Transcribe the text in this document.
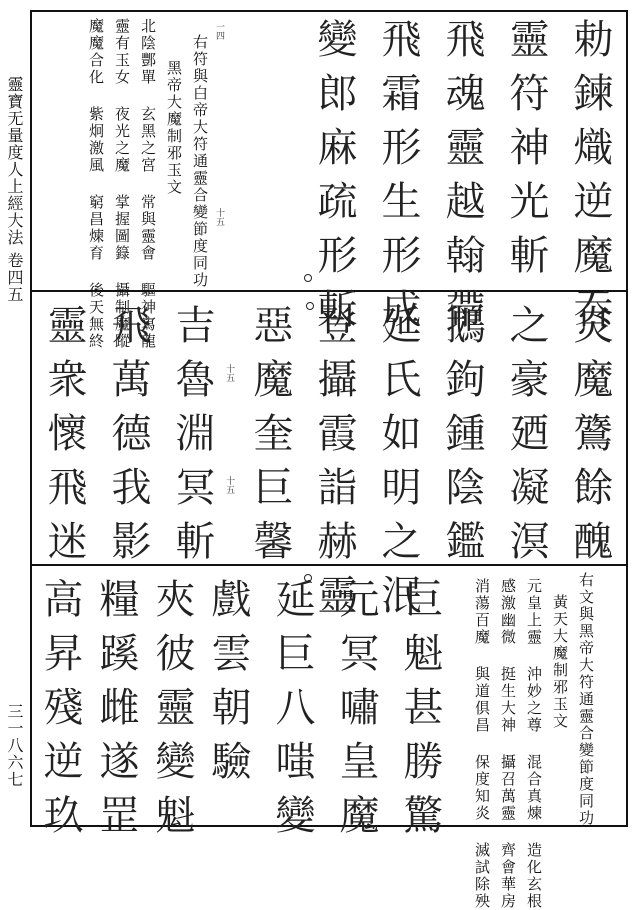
靈寶无量度人上經大法 卷四五
三一八六七
勅鍊熾逆魔吞
靈符神光斬
飛魂靈越翰帶
飛霜形生形成
變郎麻疏形斬
一四
十五
右符與白帝大符通靈合變節度同功
黑帝大魔制邪玉文
北陰酆單 玄黑之宮 常與靈會 驅神寫龍
靈有玉女 夜光之魔 掌握圖籙 攝制魔蹤
魔魔合化 紫炯激風 窮昌煉育 後天無終
炎魔鷟餘醜
之豪廼凝溟
鵝鉤鍾陰鑑
延氏如明之泯
登攝霞詣赫靈
惡魔奎巨馨
吉魯淵冥斬
飛萬德我影
靈衆懷飛迷	十五
十五
右文與黑帝大符通靈合變節度同功
黃天大魔制邪玉文
元皇上靈 沖妙之尊 混合真煉 造化玄根
感激幽微 挺生大神 攝召萬靈 齊會華房
消蕩百魔 與道俱昌 保度知炎 滅試除殃
巨魁甚勝驚
元冥嘯皇魔
延巨八嗤變
戲雲朝驗
夾彼靈變魁
糧蹊雌遂罡
高昇殘逆玖
